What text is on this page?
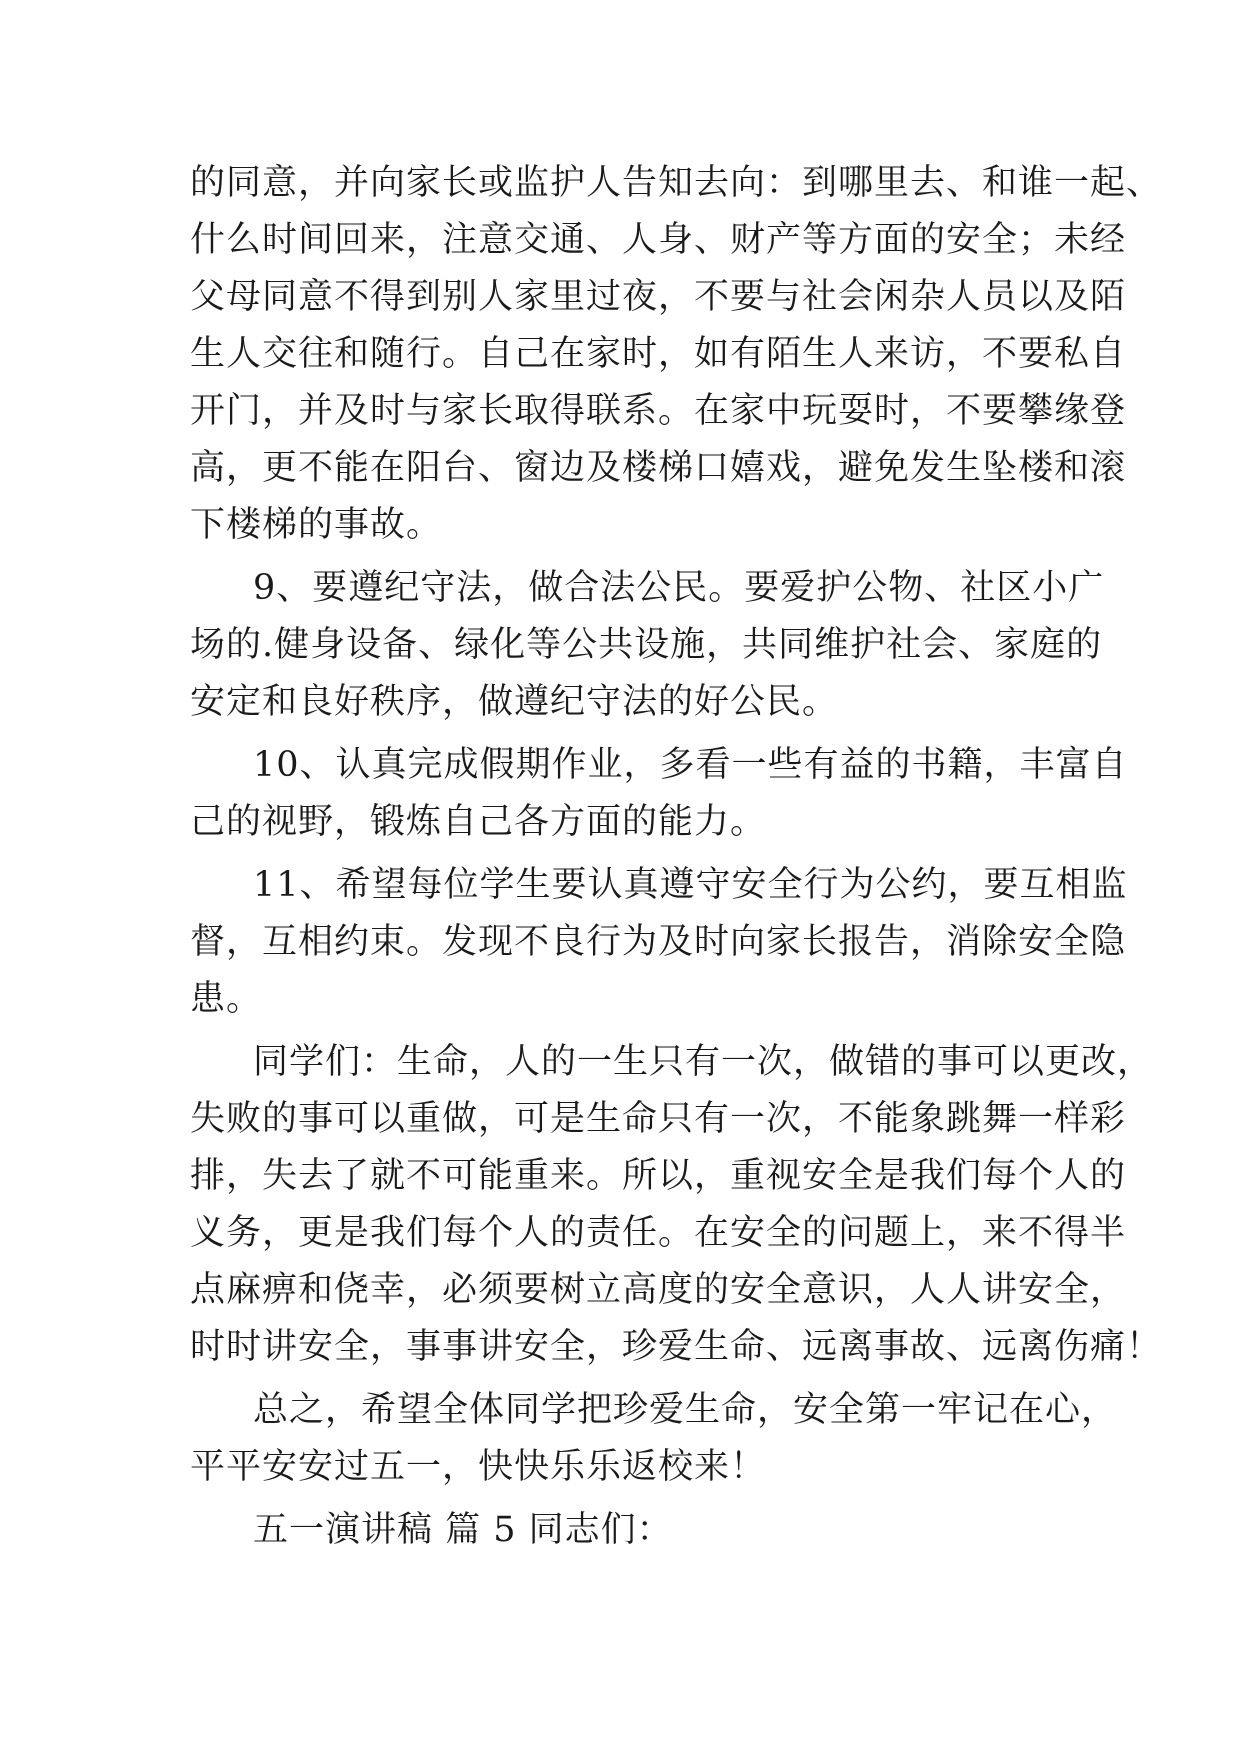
的同意，并向家长或监护人告知去向：到哪里去、和谁一起、
什么时间回来，注意交通、人身、财产等方面的安全；未经
父母同意不得到别人家里过夜，不要与社会闲杂人员以及陌
生人交往和随行。自己在家时，如有陌生人来访，不要私自
开门，并及时与家长取得联系。在家中玩耍时，不要攀缘登
高，更不能在阳台、窗边及楼梯口嬉戏，避免发生坠楼和滚
下楼梯的事故。
9、要遵纪守法，做合法公民。要爱护公物、社区小广
场的.健身设备、绿化等公共设施，共同维护社会、家庭的
安定和良好秩序，做遵纪守法的好公民。
10、认真完成假期作业，多看一些有益的书籍，丰富自
己的视野，锻炼自己各方面的能力。
11、希望每位学生要认真遵守安全行为公约，要互相监
督，互相约束。发现不良行为及时向家长报告，消除安全隐
患。
同学们：生命，人的一生只有一次，做错的事可以更改，
失败的事可以重做，可是生命只有一次，不能象跳舞一样彩
排，失去了就不可能重来。所以，重视安全是我们每个人的
义务，更是我们每个人的责任。在安全的问题上，来不得半
点麻痹和侥幸，必须要树立高度的安全意识，人人讲安全，
时时讲安全，事事讲安全，珍爱生命、远离事故、远离伤痛！
总之，希望全体同学把珍爱生命，安全第一牢记在心，
平平安安过五一，快快乐乐返校来！
五一演讲稿 篇 5 同志们：
